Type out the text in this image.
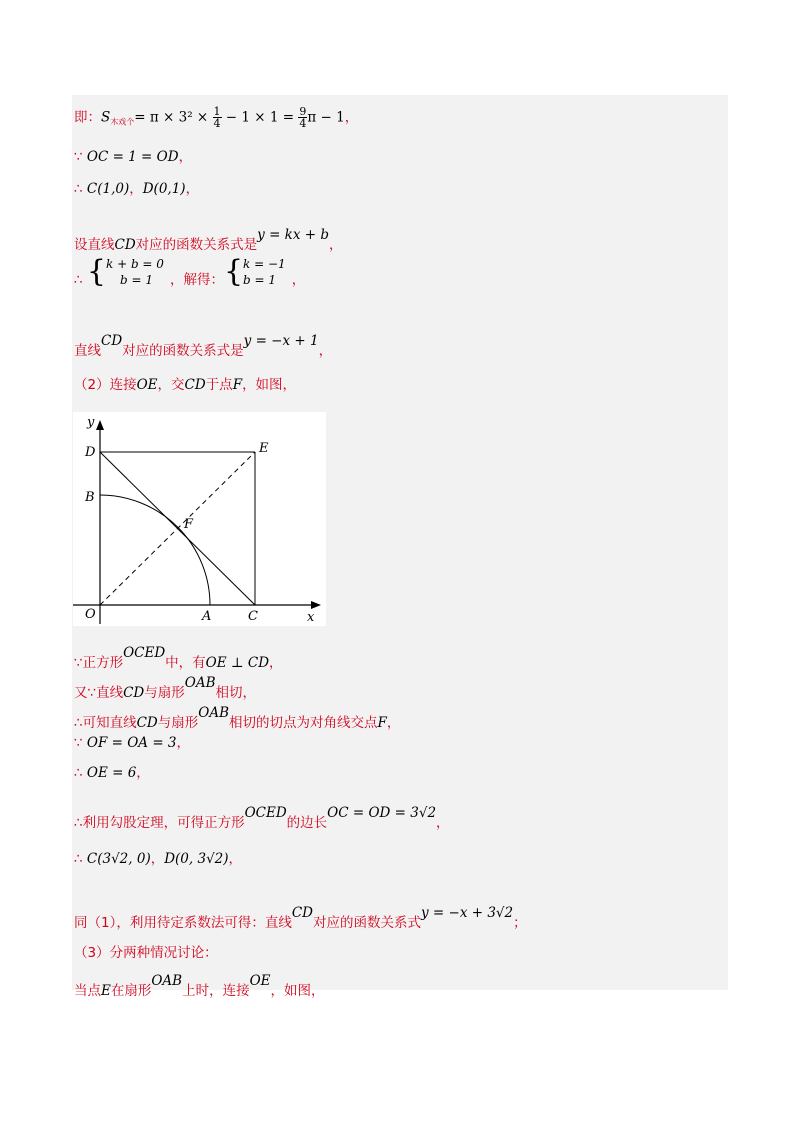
即：$S_{木戏个}= \pi \times 3^2 \times \frac{1}{4} - 1 \times 1 = \frac{9}{4}$ π − 1，
∵ OC = 1 = OD，
∴ C(1,0)，D(0,1)，
设直线CD对应的函数关系式是y = kx + b，
∴ { k + b = 0
b = 1	，解得：{ k = −1
b = 1	，
直线CD对应的函数关系式是y = −x + 1，
（2）连接OE，交CD于点F，如图，
y
x
D	E
B
F
O	A	C
∵正方形OCED中，有OE ⊥ CD，
又∵直线CD与扇形OAB相切，
∴可知直线CD与扇形OAB相切的切点为对角线交点F，
∵ OF = OA = 3，
∴ OE = 6，
∴利用勾股定理，可得正方形OCED的边长OC = OD = 3√2，
∴ C(3√2, 0)，D(0, 3√2)，
同（1），利用待定系数法可得：直线CD对应的函数关系式y = −x + 3√2；
（3）分两种情况讨论：
当点E在扇形OAB上时，连接OE，如图，
